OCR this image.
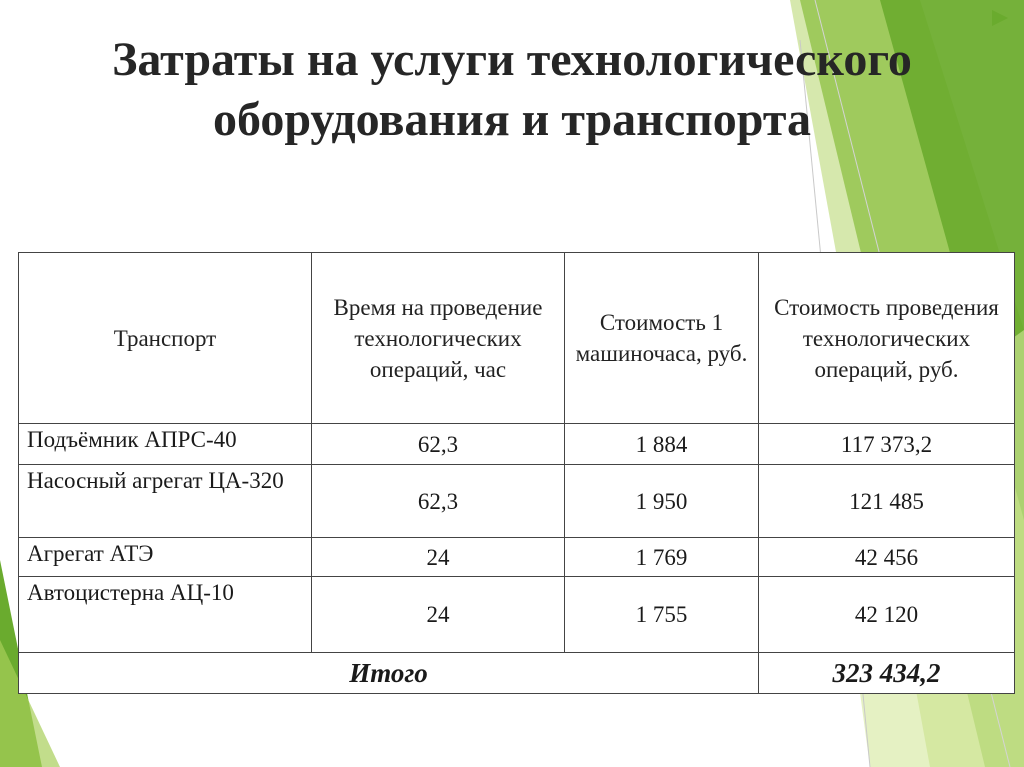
Затраты на услуги технологического
оборудования и транспорта
Транспорт	Время на проведение технологических операций, час	Стоимость 1 машиночаса, руб.	Стоимость проведения технологических операций, руб.
Подъёмник АПРС-40	62,3	1 884	117 373,2
Насосный агрегат ЦА-320	62,3	1 950	121 485
Агрегат АТЭ	24	1 769	42 456
Автоцистерна АЦ-10	24	1 755	42 120
Итого			323 434,2
